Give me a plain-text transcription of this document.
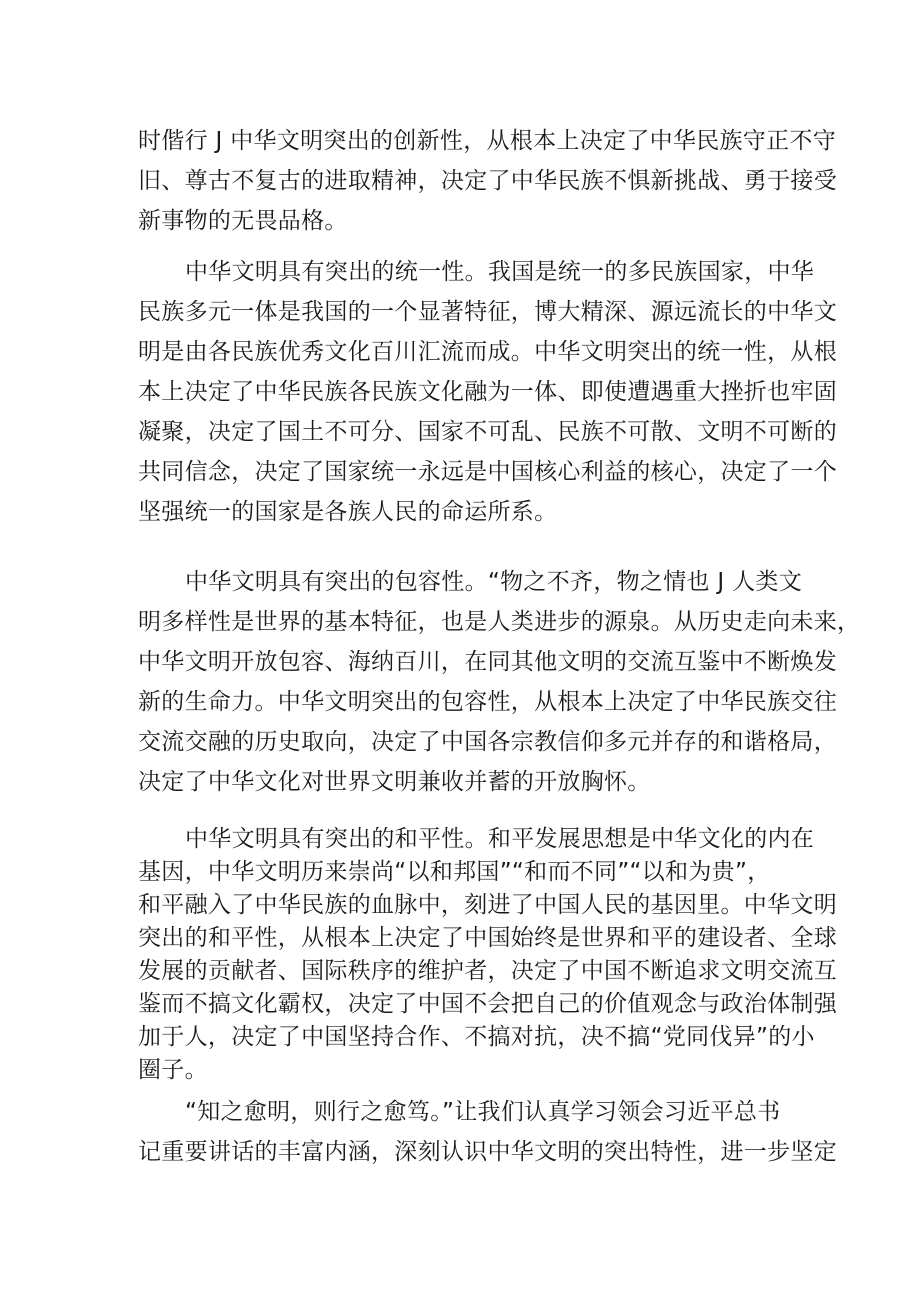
时偕行 J 中华文明突出的创新性，从根本上决定了中华民族守正不守
旧、尊古不复古的进取精神，决定了中华民族不惧新挑战、勇于接受
新事物的无畏品格。
中华文明具有突出的统一性。我国是统一的多民族国家，中华
民族多元一体是我国的一个显著特征，博大精深、源远流长的中华文
明是由各民族优秀文化百川汇流而成。中华文明突出的统一性，从根
本上决定了中华民族各民族文化融为一体、即使遭遇重大挫折也牢固
凝聚，决定了国土不可分、国家不可乱、民族不可散、文明不可断的
共同信念，决定了国家统一永远是中国核心利益的核心，决定了一个
坚强统一的国家是各族人民的命运所系。
中华文明具有突出的包容性。“物之不齐，物之情也 J 人类文
明多样性是世界的基本特征，也是人类进步的源泉。从历史走向未来，
中华文明开放包容、海纳百川，在同其他文明的交流互鉴中不断焕发
新的生命力。中华文明突出的包容性，从根本上决定了中华民族交往
交流交融的历史取向，决定了中国各宗教信仰多元并存的和谐格局，
决定了中华文化对世界文明兼收并蓄的开放胸怀。
中华文明具有突出的和平性。和平发展思想是中华文化的内在
基因，中华文明历来崇尚“以和邦国”“和而不同”“以和为贵”，
和平融入了中华民族的血脉中，刻进了中国人民的基因里。中华文明
突出的和平性，从根本上决定了中国始终是世界和平的建设者、全球
发展的贡献者、国际秩序的维护者，决定了中国不断追求文明交流互
鉴而不搞文化霸权，决定了中国不会把自己的价值观念与政治体制强
加于人，决定了中国坚持合作、不搞对抗，决不搞“党同伐异”的小
圈子。
“知之愈明，则行之愈笃。”让我们认真学习领会习近平总书
记重要讲话的丰富内涵，深刻认识中华文明的突出特性，进一步坚定
